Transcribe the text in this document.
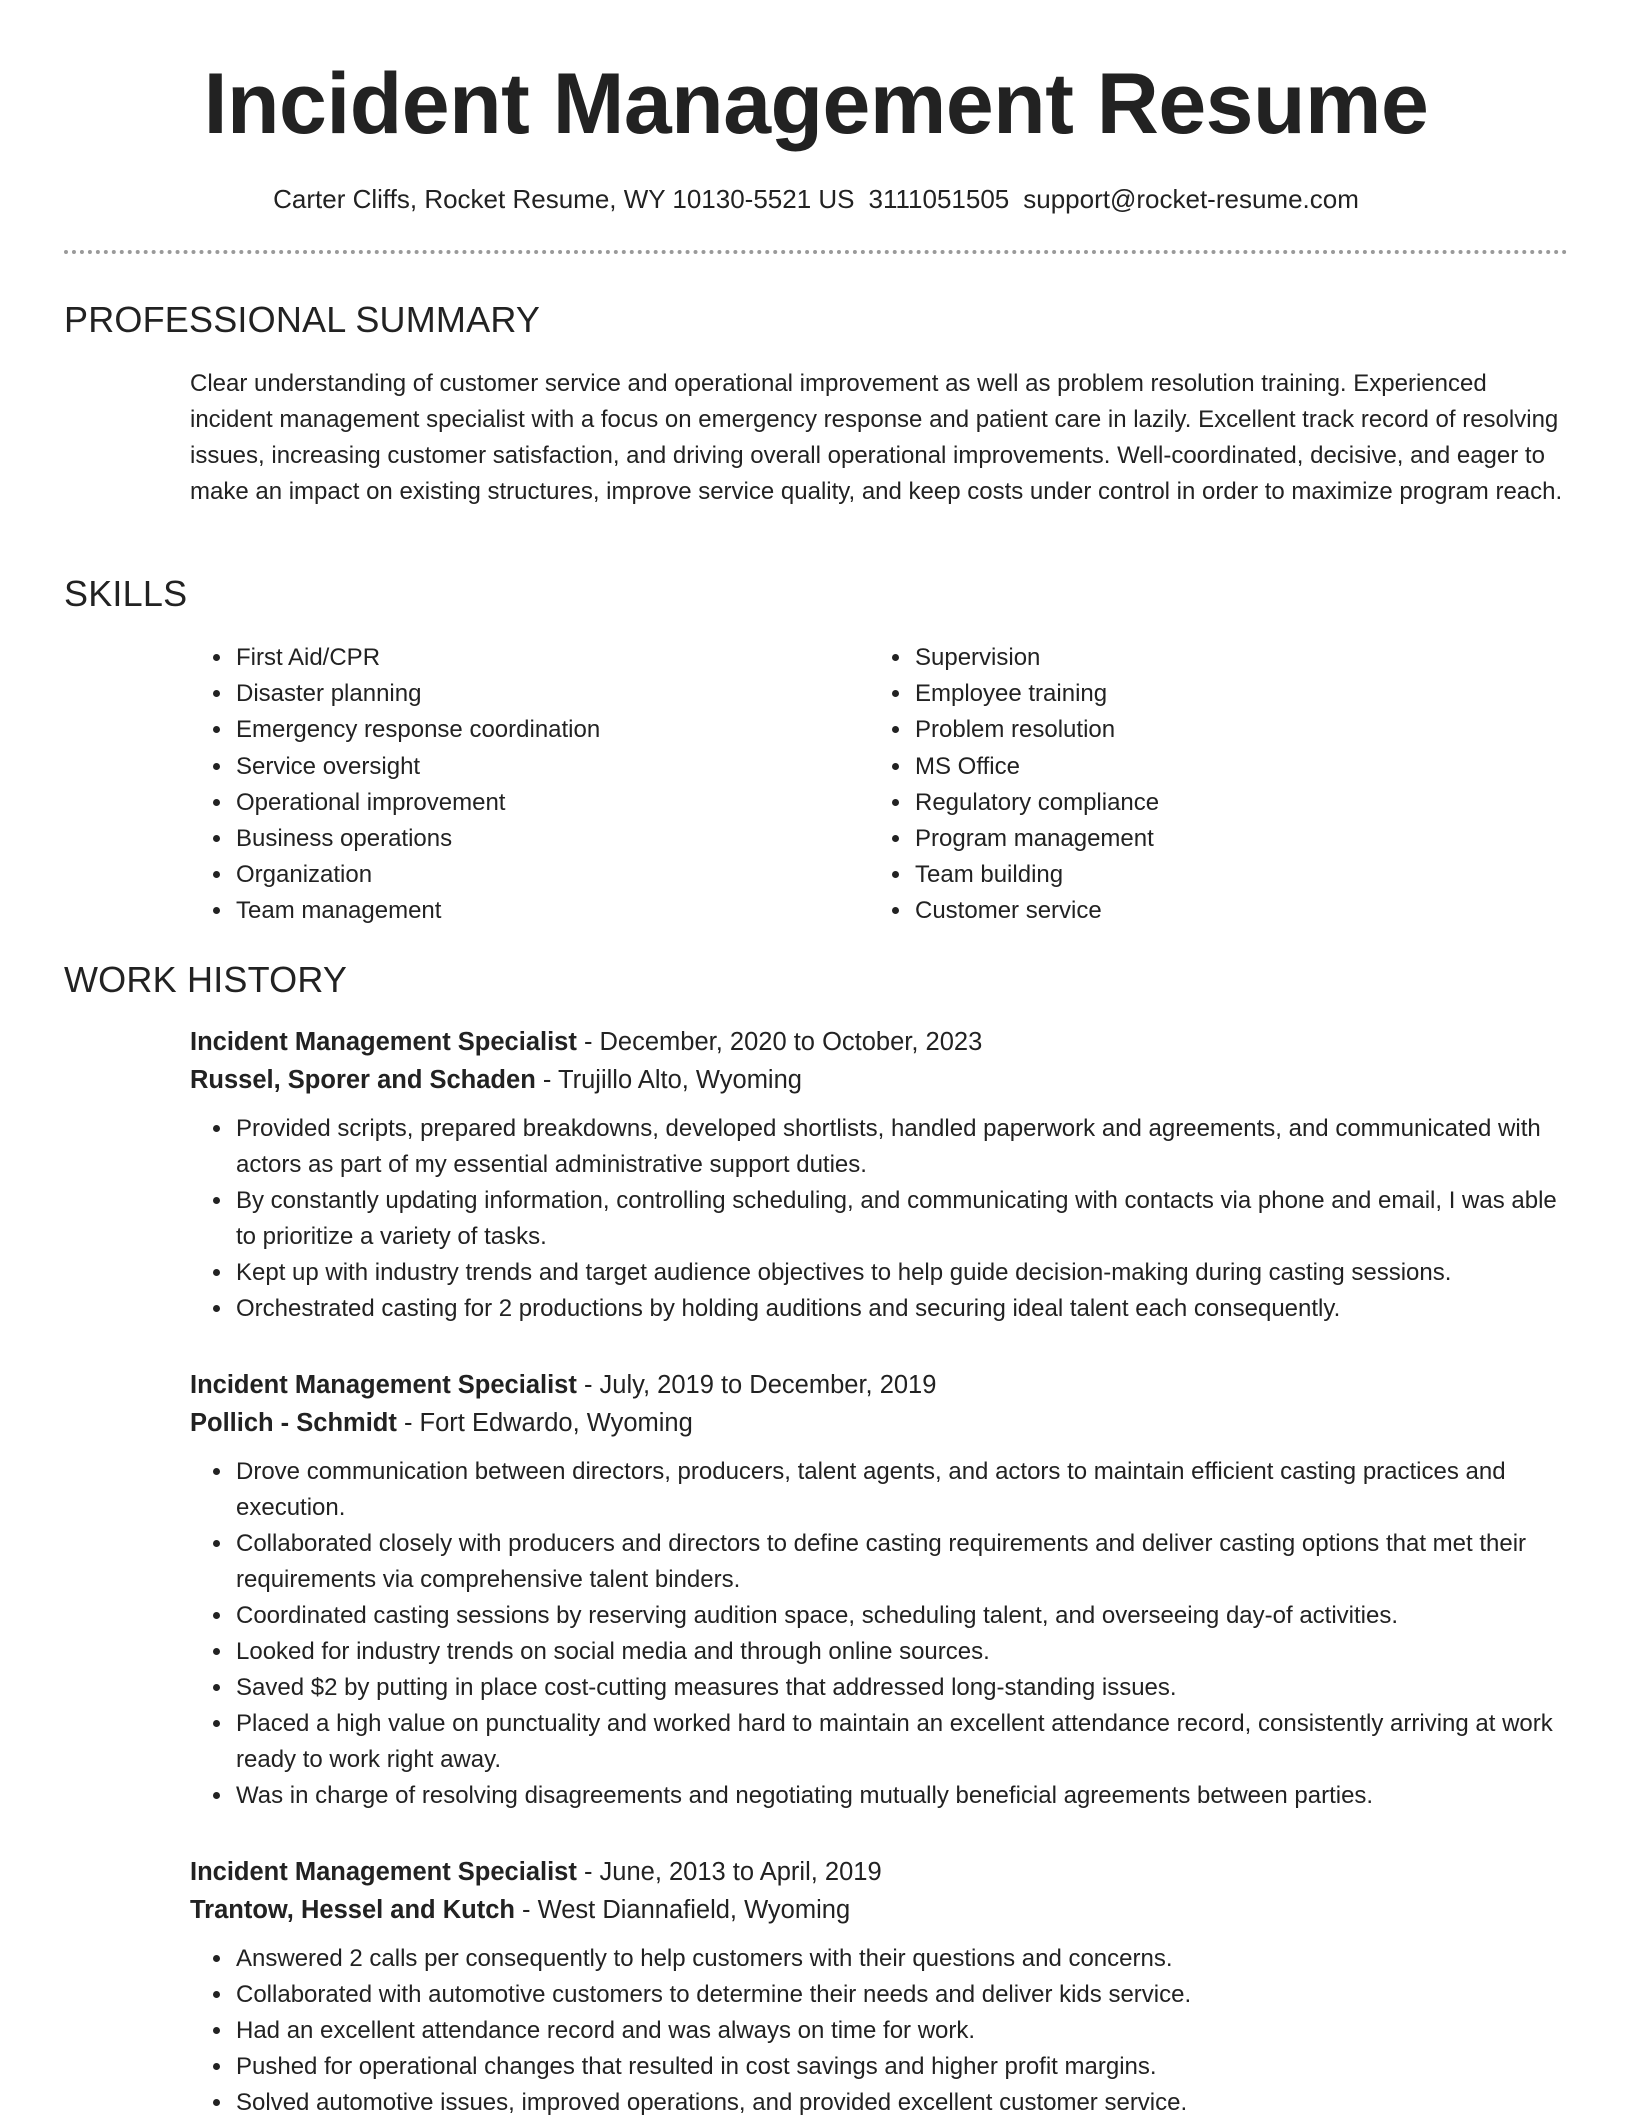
Incident Management Resume
Carter Cliffs, Rocket Resume, WY 10130-5521 US 3111051505 support@rocket-resume.com
PROFESSIONAL SUMMARY

Clear understanding of customer service and operational improvement as well as problem resolution training. Experienced incident management specialist with a focus on emergency response and patient care in lazily. Excellent track record of resolving issues, increasing customer satisfaction, and driving overall operational improvements. Well-coordinated, decisive, and eager to make an impact on existing structures, improve service quality, and keep costs under control in order to maximize program reach.

SKILLS
• First Aid/CPR
• Disaster planning
• Emergency response coordination
• Service oversight
• Operational improvement
• Business operations
• Organization
• Team management
• Supervision
• Employee training
• Problem resolution
• MS Office
• Regulatory compliance
• Program management
• Team building
• Customer service
WORK HISTORY
Incident Management Specialist - December, 2020 to October, 2023
Russel, Sporer and Schaden - Trujillo Alto, Wyoming
• Provided scripts, prepared breakdowns, developed shortlists, handled paperwork and agreements, and communicated with actors as part of my essential administrative support duties.
• By constantly updating information, controlling scheduling, and communicating with contacts via phone and email, I was able to prioritize a variety of tasks.
• Kept up with industry trends and target audience objectives to help guide decision-making during casting sessions.
• Orchestrated casting for 2 productions by holding auditions and securing ideal talent each consequently.
Incident Management Specialist - July, 2019 to December, 2019
Pollich - Schmidt - Fort Edwardo, Wyoming
• Drove communication between directors, producers, talent agents, and actors to maintain efficient casting practices and execution.
• Collaborated closely with producers and directors to define casting requirements and deliver casting options that met their requirements via comprehensive talent binders.
• Coordinated casting sessions by reserving audition space, scheduling talent, and overseeing day-of activities.
• Looked for industry trends on social media and through online sources.
• Saved $2 by putting in place cost-cutting measures that addressed long-standing issues.
• Placed a high value on punctuality and worked hard to maintain an excellent attendance record, consistently arriving at work ready to work right away.
• Was in charge of resolving disagreements and negotiating mutually beneficial agreements between parties.
Incident Management Specialist - June, 2013 to April, 2019
Trantow, Hessel and Kutch - West Diannafield, Wyoming
• Answered 2 calls per consequently to help customers with their questions and concerns.
• Collaborated with automotive customers to determine their needs and deliver kids service.
• Had an excellent attendance record and was always on time for work.
• Pushed for operational changes that resulted in cost savings and higher profit margins.
• Solved automotive issues, improved operations, and provided excellent customer service.
